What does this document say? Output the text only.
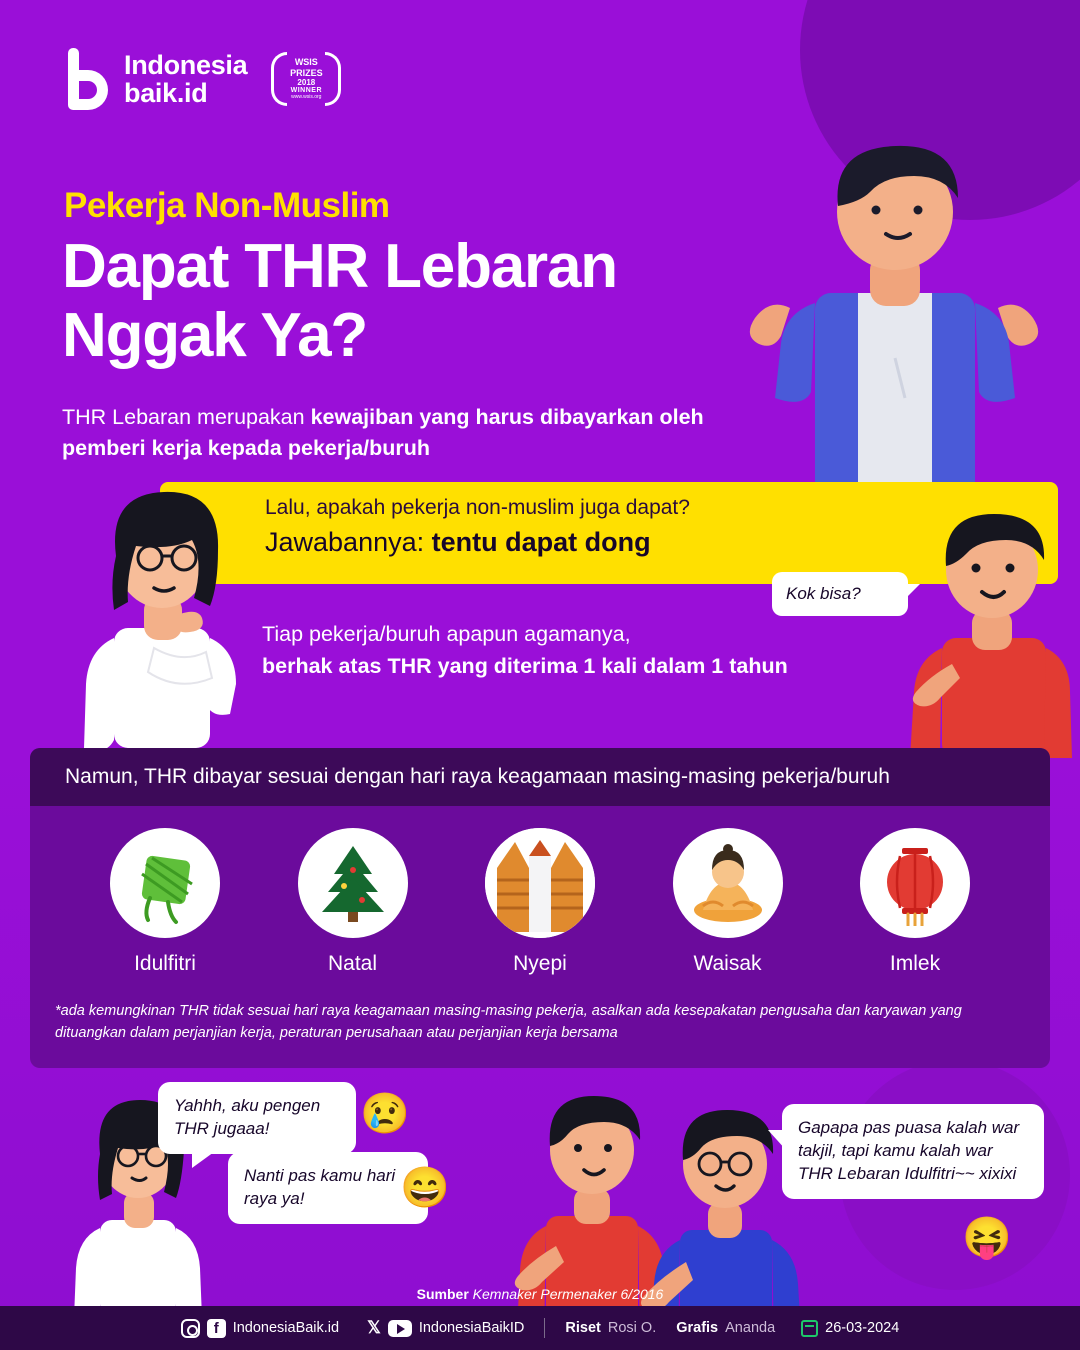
Indonesia
baik.id
WSIS
PRIZES
2018
WINNER
www.wsis.org
Pekerja Non-Muslim
Dapat THR Lebaran Nggak Ya?
THR Lebaran merupakan kewajiban yang harus dibayarkan oleh pemberi kerja kepada pekerja/buruh
Lalu, apakah pekerja non-muslim juga dapat?
Jawabannya: tentu dapat dong
Kok bisa?
Tiap pekerja/buruh apapun agamanya,
berhak atas THR yang diterima 1 kali dalam 1 tahun
Namun, THR dibayar sesuai dengan hari raya keagamaan masing-masing pekerja/buruh
Idulfitri	Natal	Nyepi	Waisak	Imlek
*ada kemungkinan THR tidak sesuai hari raya keagamaan masing-masing pekerja, asalkan ada kesepakatan pengusaha dan karyawan yang dituangkan dalam perjanjian kerja, peraturan perusahaan atau perjanjian kerja bersama
Yahhh, aku pengen THR jugaaa!	😢
Nanti pas kamu hari raya ya!	😄
Gapapa pas puasa kalah war takjil, tapi kamu kalah war THR Lebaran Idulfitri~~ xixixi
😝
Sumber Kemnaker Permenaker 6/2016
f IndonesiaBaik.id 𝕏	IndonesiaBaikID	Riset Rosi O. Grafis Ananda	26-03-2024
